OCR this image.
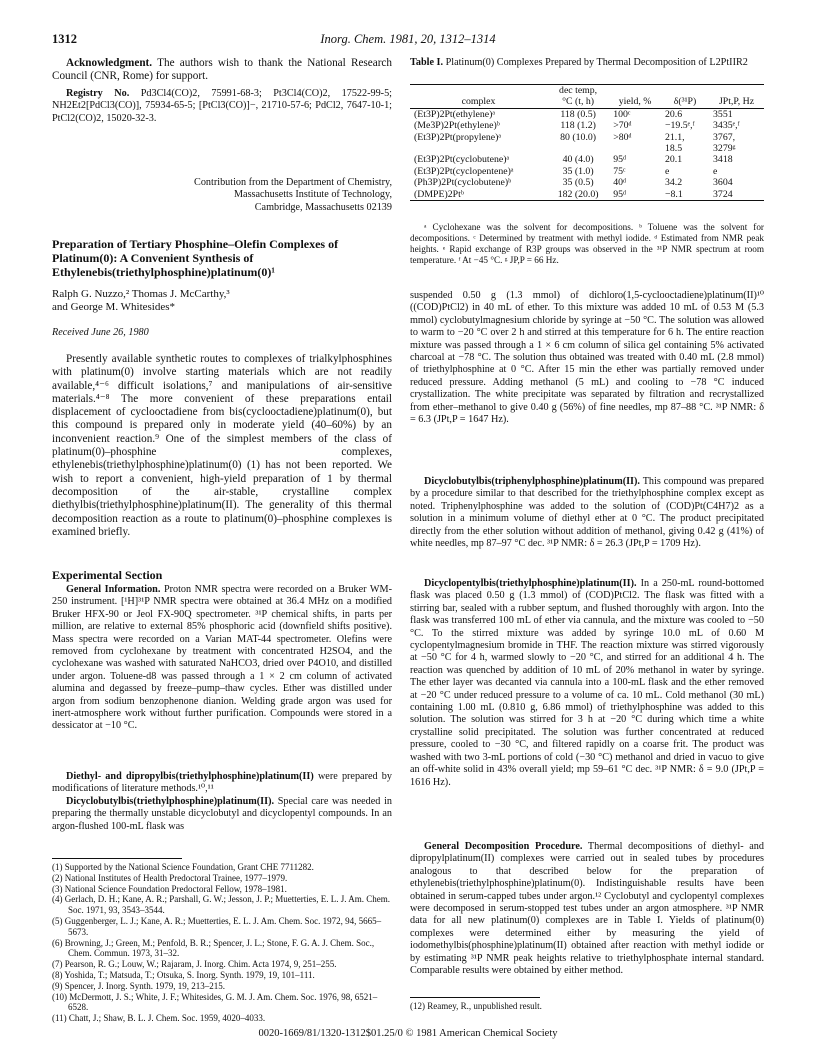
Inorg. Chem. 1981, 20, 1312–1314
1312

Acknowledgment. The authors wish to thank the National Research Council (CNR, Rome) for support.

Registry No. Pd3Cl4(CO)2, 75991-68-3; Pt3Cl4(CO)2, 17522-99-5; NH2Et2[PdCl3(CO)], 75934-65-5; [PtCl3(CO)]−, 21710-57-6; PdCl2, 7647-10-1; PtCl2(CO)2, 15020-32-3.

Contribution from the Department of Chemistry,
Massachusetts Institute of Technology,
Cambridge, Massachusetts 02139

Preparation of Tertiary Phosphine–Olefin Complexes of Platinum(0): A Convenient Synthesis of Ethylenebis(triethylphosphine)platinum(0)¹

Ralph G. Nuzzo,² Thomas J. McCarthy,³
and George M. Whitesides*

Received June 26, 1980

Presently available synthetic routes to complexes of trialkylphosphines with platinum(0) involve starting materials which are not readily available,⁴⁻⁶ difficult isolations,⁷ and manipulations of air-sensitive materials.⁴⁻⁸ The more convenient of these preparations entail displacement of cyclooctadiene from bis(cyclooctadiene)platinum(0), but this compound is prepared only in moderate yield (40–60%) by an inconvenient reaction.⁹ One of the simplest members of the class of platinum(0)–phosphine complexes, ethylenebis(triethylphosphine)platinum(0) (1) has not been reported. We wish to report a convenient, high-yield preparation of 1 by thermal decomposition of the air-stable, crystalline complex diethylbis(triethylphosphine)platinum(II). The generality of this thermal decomposition reaction as a route to platinum(0)–phosphine complexes is examined briefly.

Experimental Section

General Information. Proton NMR spectra were recorded on a Bruker WM-250 instrument. [¹H]³¹P NMR spectra were obtained at 36.4 MHz on a modified Bruker HFX-90 or Jeol FX-90Q spectrometer. ³¹P chemical shifts, in parts per million, are relative to external 85% phosphoric acid (downfield shifts positive). Mass spectra were recorded on a Varian MAT-44 spectrometer. Olefins were removed from cyclohexane by treatment with concentrated H2SO4, and the cyclohexane was washed with saturated NaHCO3, dried over P4O10, and distilled under argon. Toluene-d8 was passed through a 1 × 2 cm column of activated alumina and degassed by freeze–pump–thaw cycles. Ether was distilled under argon from sodium benzophenone dianion. Welding grade argon was used for inert-atmosphere work without further purification. Compounds were stored in a dessicator at −10 °C.

Diethyl- and dipropylbis(triethylphosphine)platinum(II) were prepared by modifications of literature methods.¹⁰,¹¹

Dicyclobutylbis(triethylphosphine)platinum(II). Special care was needed in preparing the thermally unstable dicyclobutyl and dicyclopentyl compounds. In an argon-flushed 100-mL flask was

(1) Supported by the National Science Foundation, Grant CHE 7711282.
(2) National Institutes of Health Predoctoral Trainee, 1977–1979.
(3) National Science Foundation Predoctoral Fellow, 1978–1981.
(4) Gerlach, D. H.; Kane, A. R.; Parshall, G. W.; Jesson, J. P.; Muetterties, E. L. J. Am. Chem. Soc. 1971, 93, 3543–3544.
(5) Guggenberger, L. J.; Kane, A. R.; Muetterties, E. L. J. Am. Chem. Soc. 1972, 94, 5665–5673.
(6) Browning, J.; Green, M.; Penfold, B. R.; Spencer, J. L.; Stone, F. G. A. J. Chem. Soc., Chem. Commun. 1973, 31–32.
(7) Pearson, R. G.; Louw, W.; Rajaram, J. Inorg. Chim. Acta 1974, 9, 251–255.
(8) Yoshida, T.; Matsuda, T.; Otsuka, S. Inorg. Synth. 1979, 19, 101–111.
(9) Spencer, J. Inorg. Synth. 1979, 19, 213–215.
(10) McDermott, J. S.; White, J. F.; Whitesides, G. M. J. Am. Chem. Soc. 1976, 98, 6521–6528.
(11) Chatt, J.; Shaw, B. L. J. Chem. Soc. 1959, 4020–4033.

Table I. Platinum(0) Complexes Prepared by Thermal Decomposition of L2PtIIR2

complex	dec temp,
°C (t, h)	yield, %	δ(³¹P)	JPt,P, Hz
(Et3P)2Pt(ethylene)ᵃ	118 (0.5)	100ᶜ	20.6	3551
(Me3P)2Pt(ethylene)ᵇ	118 (1.2)	>70ᵈ	−19.5ᵉ,ᶠ	3435ᵉ,ᶠ
(Et3P)2Pt(propylene)ᵃ	80 (10.0)	>80ᵈ	21.1,	3767,
			18.5	3279ᵍ
(Et3P)2Pt(cyclobutene)ᵃ	40 (4.0)	95ᵈ	20.1	3418
(Et3P)2Pt(cyclopentene)ᵃ	35 (1.0)	75ᶜ	e	e
(Ph3P)2Pt(cyclobutene)ᵇ	35 (0.5)	40ᵈ	34.2	3604
(DMPE)2Ptᵇ	182 (20.0)	95ᵈ	−8.1	3724

ᵃ Cyclohexane was the solvent for decompositions. ᵇ Toluene was the solvent for decompositions. ᶜ Determined by treatment with methyl iodide. ᵈ Estimated from NMR peak heights. ᵉ Rapid exchange of R3P groups was observed in the ³¹P NMR spectrum at room temperature. ᶠ At −45 °C. ᵍ JP,P = 66 Hz.

suspended 0.50 g (1.3 mmol) of dichloro(1,5-cyclooctadiene)platinum(II)¹⁰ ((COD)PtCl2) in 40 mL of ether. To this mixture was added 10 mL of 0.53 M (5.3 mmol) cyclobutylmagnesium chloride by syringe at −50 °C. The solution was allowed to warm to −20 °C over 2 h and stirred at this temperature for 6 h. The entire reaction mixture was passed through a 1 × 6 cm column of silica gel containing 5% activated charcoal at −78 °C. The solution thus obtained was treated with 0.40 mL (2.8 mmol) of triethylphosphine at 0 °C. After 15 min the ether was partially removed under reduced pressure. Adding methanol (5 mL) and cooling to −78 °C induced crystallization. The white precipitate was separated by filtration and recrystallized from ether–methanol to give 0.40 g (56%) of fine needles, mp 87–88 °C. ³¹P NMR: δ = 6.3 (JPt,P = 1647 Hz).

Dicyclobutylbis(triphenylphosphine)platinum(II). This compound was prepared by a procedure similar to that described for the triethylphosphine complex except as noted. Triphenylphosphine was added to the solution of (COD)Pt(C4H7)2 as a solution in a minimum volume of diethyl ether at 0 °C. The product precipitated directly from the ether solution without addition of methanol, giving 0.42 g (41%) of white needles, mp 87–97 °C dec. ³¹P NMR: δ = 26.3 (JPt,P = 1709 Hz).

Dicyclopentylbis(triethylphosphine)platinum(II). In a 250-mL round-bottomed flask was placed 0.50 g (1.3 mmol) of (COD)PtCl2. The flask was fitted with a stirring bar, sealed with a rubber septum, and flushed thoroughly with argon. Into the flask was transferred 100 mL of ether via cannula, and the mixture was cooled to −50 °C. To the stirred mixture was added by syringe 10.0 mL of 0.60 M cyclopentylmagnesium bromide in THF. The reaction mixture was stirred vigorously at −50 °C for 4 h, warmed slowly to −20 °C, and stirred for an additional 4 h. The reaction was quenched by addition of 10 mL of 20% methanol in water by syringe. The ether layer was decanted via cannula into a 100-mL flask and the ether removed at −20 °C under reduced pressure to a volume of ca. 10 mL. Cold methanol (30 mL) containing 1.00 mL (0.810 g, 6.86 mmol) of triethylphosphine was added to this solution. The solution was stirred for 3 h at −20 °C during which time a white crystalline solid precipitated. The solution was further concentrated at reduced pressure, cooled to −30 °C, and filtered rapidly on a coarse frit. The product was washed with two 3-mL portions of cold (−30 °C) methanol and dried in vacuo to give an off-white solid in 43% overall yield; mp 59–61 °C dec. ³¹P NMR: δ = 9.0 (JPt,P = 1616 Hz).

General Decomposition Procedure. Thermal decompositions of diethyl- and dipropylplatinum(II) complexes were carried out in sealed tubes by procedures analogous to that described below for the preparation of ethylenebis(triethylphosphine)platinum(0). Indistinguishable results have been obtained in serum-capped tubes under argon.¹² Cyclobutyl and cyclopentyl complexes were decomposed in serum-stopped test tubes under an argon atmosphere. ³¹P NMR data for all new platinum(0) complexes are in Table I. Yields of platinum(0) complexes were determined either by measuring the yield of iodomethylbis(phosphine)platinum(II) obtained after reaction with methyl iodide or by estimating ³¹P NMR peak heights relative to triethylphosphate internal standard. Comparable results were obtained by either method.

(12) Reamey, R., unpublished result.
0020-1669/81/1320-1312$01.25/0 © 1981 American Chemical Society
